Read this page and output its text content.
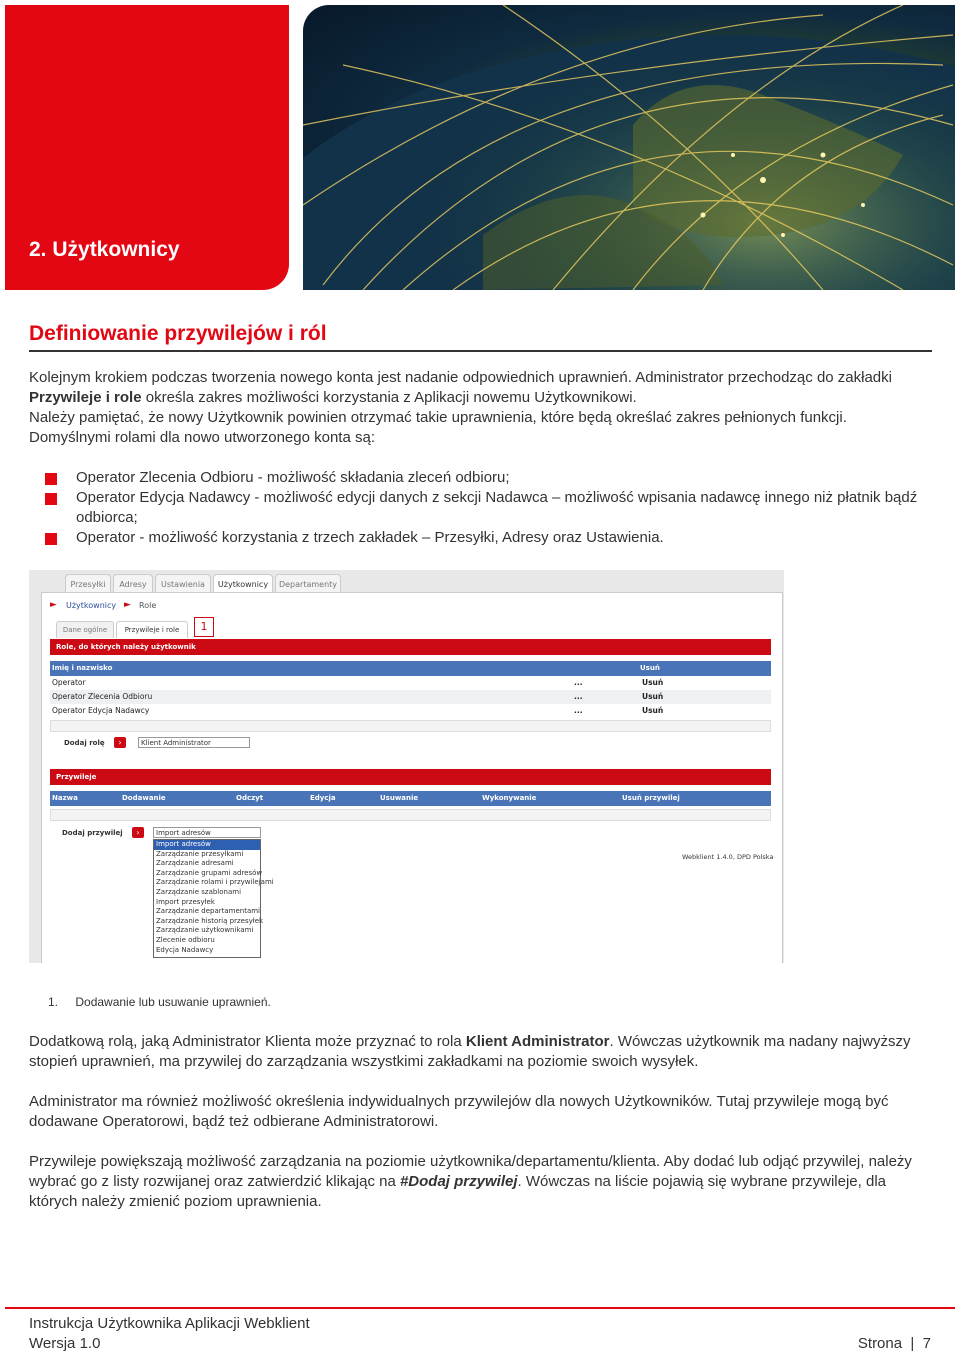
2. Użytkownicy
Definiowanie przywilejów i ról
Kolejnym krokiem podczas tworzenia nowego konta jest nadanie odpowiednich uprawnień. Administrator przechodząc do zakładki Przywileje i role określa zakres możliwości korzystania z Aplikacji nowemu Użytkownikowi.
Należy pamiętać, że nowy Użytkownik powinien otrzymać takie uprawnienia, które będą określać zakres pełnionych funkcji.
Domyślnymi rolami dla nowo utworzonego konta są:
Operator Zlecenia Odbioru - możliwość składania zleceń odbioru;
Operator Edycja Nadawcy - możliwość edycji danych z sekcji Nadawca – możliwość wpisania nadawcę innego niż płatnik bądź odbiorca;
Operator - możliwość korzystania z trzech zakładek – Przesyłki, Adresy oraz Ustawienia.
Przesyłki	Adresy	Ustawienia	Użytkownicy	Departamenty
► Użytkownicy ► Role
Dane ogólne	Przywileje i role	1
Role, do których należy użytkownik
Imię i nazwisko	Usuń
Operator	...	Usuń
Operator Zlecenia Odbioru	...	Usuń
Operator Edycja Nadawcy	...	Usuń
Dodaj rolę	›	Klient Administrator
Przywileje
Nazwa	Dodawanie	Odczyt	Edycja	Usuwanie	Wykonywanie	Usuń przywilej
Dodaj przywilej	›	Import adresów
Import adresów
Zarządzanie przesyłkami
Zarządzanie adresami
Zarządzanie grupami adresów
Zarządzanie rolami i przywilejami
Zarządzanie szablonami
Import przesyłek
Zarządzanie departamentami
Zarządzanie historią przesyłek
Zarządzanie użytkownikami
Zlecenie odbioru
Edycja Nadawcy
Webklient 1.4.0, DPD Polska
1. Dodawanie lub usuwanie uprawnień.
Dodatkową rolą, jaką Administrator Klienta może przyznać to rola Klient Administrator. Wówczas użytkownik ma nadany najwyższy stopień uprawnień, ma przywilej do zarządzania wszystkimi zakładkami na poziomie swoich wysyłek.
Administrator ma również możliwość określenia indywidualnych przywilejów dla nowych Użytkowników. Tutaj przywileje mogą być dodawane Operatorowi, bądź też odbierane Administratorowi.
Przywileje powiększają możliwość zarządzania na poziomie użytkownika/departamentu/klienta. Aby dodać lub odjąć przywilej, należy wybrać go z listy rozwijanej oraz zatwierdzić klikając na #Dodaj przywilej. Wówczas na liście pojawią się wybrane przywileje, dla których należy zmienić poziom uprawnienia.
Instrukcja Użytkownika Aplikacji Webklient
Wersja 1.0	Strona  |  7
